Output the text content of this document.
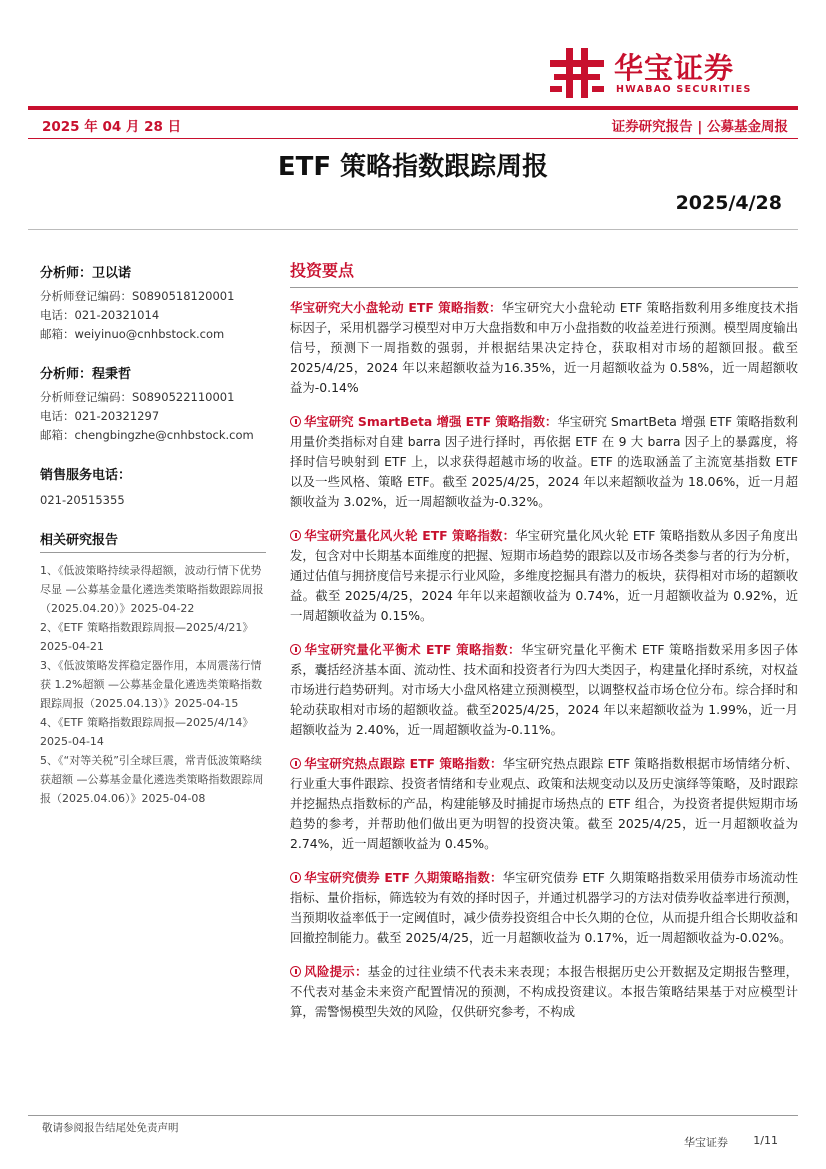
华宝证券
HWABAO SECURITIES
2025 年 04 月 28 日	证券研究报告 | 公募基金周报
ETF 策略指数跟踪周报
2025/4/28
分析师：卫以诺
分析师登记编码：S0890518120001
电话：021-20321014
邮箱：weiyinuo@cnhbstock.com
分析师：程秉哲
分析师登记编码：S0890522110001
电话：021-20321297
邮箱：chengbingzhe@cnhbstock.com
销售服务电话：
021-20515355
相关研究报告
1、《低波策略持续录得超额，波动行情下优势尽显 —公募基金量化遴选类策略指数跟踪周报（2025.04.20）》2025-04-22
2、《ETF 策略指数跟踪周报—2025/4/21》2025-04-21
3、《低波策略发挥稳定器作用，本周震荡行情获 1.2%超额 —公募基金量化遴选类策略指数跟踪周报（2025.04.13）》2025-04-15
4、《ETF 策略指数跟踪周报—2025/4/14》2025-04-14
5、《“对等关税”引全球巨震，常青低波策略续获超额 —公募基金量化遴选类策略指数跟踪周报（2025.04.06）》2025-04-08
投资要点

华宝研究大小盘轮动 ETF 策略指数：华宝研究大小盘轮动 ETF 策略指数利用多维度技术指标因子，采用机器学习模型对申万大盘指数和申万小盘指数的收益差进行预测。模型周度输出信号，预测下一周指数的强弱，并根据结果决定持仓，获取相对市场的超额回报。截至 2025/4/25，2024 年以来超额收益为16.35%，近一月超额收益为 0.58%，近一周超额收益为-0.14%

华宝研究 SmartBeta 增强 ETF 策略指数：华宝研究 SmartBeta 增强 ETF 策略指数利用量价类指标对自建 barra 因子进行择时，再依据 ETF 在 9 大 barra 因子上的暴露度，将择时信号映射到 ETF 上，以求获得超越市场的收益。ETF 的选取涵盖了主流宽基指数 ETF 以及一些风格、策略 ETF。截至 2025/4/25，2024 年以来超额收益为 18.06%，近一月超额收益为 3.02%，近一周超额收益为-0.32%。

华宝研究量化风火轮 ETF 策略指数：华宝研究量化风火轮 ETF 策略指数从多因子角度出发，包含对中长期基本面维度的把握、短期市场趋势的跟踪以及市场各类参与者的行为分析，通过估值与拥挤度信号来提示行业风险，多维度挖掘具有潜力的板块，获得相对市场的超额收益。截至 2025/4/25，2024 年年以来超额收益为 0.74%，近一月超额收益为 0.92%，近一周超额收益为 0.15%。

华宝研究量化平衡术 ETF 策略指数：华宝研究量化平衡术 ETF 策略指数采用多因子体系，囊括经济基本面、流动性、技术面和投资者行为四大类因子，构建量化择时系统，对权益市场进行趋势研判。对市场大小盘风格建立预测模型，以调整权益市场仓位分布。综合择时和轮动获取相对市场的超额收益。截至2025/4/25，2024 年以来超额收益为 1.99%，近一月超额收益为 2.40%，近一周超额收益为-0.11%。

华宝研究热点跟踪 ETF 策略指数：华宝研究热点跟踪 ETF 策略指数根据市场情绪分析、行业重大事件跟踪、投资者情绪和专业观点、政策和法规变动以及历史演绎等策略，及时跟踪并挖掘热点指数标的产品，构建能够及时捕捉市场热点的 ETF 组合，为投资者提供短期市场趋势的参考，并帮助他们做出更为明智的投资决策。截至 2025/4/25，近一月超额收益为 2.74%，近一周超额收益为 0.45%。

华宝研究债券 ETF 久期策略指数：华宝研究债券 ETF 久期策略指数采用债券市场流动性指标、量价指标，筛选较为有效的择时因子，并通过机器学习的方法对债券收益率进行预测，当预期收益率低于一定阈值时，减少债券投资组合中长久期的仓位，从而提升组合长期收益和回撤控制能力。截至 2025/4/25，近一月超额收益为 0.17%，近一周超额收益为-0.02%。

风险提示：基金的过往业绩不代表未来表现；本报告根据历史公开数据及定期报告整理，不代表对基金未来资产配置情况的预测，不构成投资建议。本报告策略结果基于对应模型计算，需警惕模型失效的风险，仅供研究参考，不构成

敬请参阅报告结尾处免责声明
华宝证券 1/11
